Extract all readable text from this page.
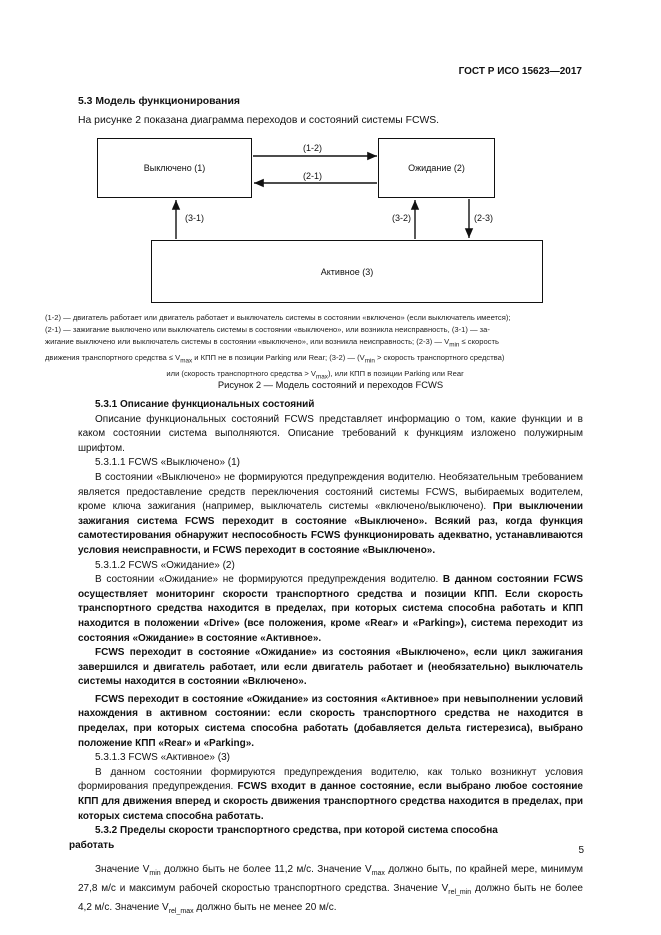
ГОСТ Р ИСО 15623—2017
5.3 Модель функционирования
На рисунке 2 показана диаграмма переходов и состояний системы FCWS.
Выключено (1)	Ожидание (2)
Активное (3)
(1-2)
(2-1)
(3-1)	(3-2)	(2-3)

(1-2) — двигатель работает или двигатель работает и выключатель системы в состоянии «включено» (если выключатель имеется);

(2-1) — зажигание выключено или выключатель системы в состоянии «выключено», или возникла неисправность, (3-1) — за-

жигание выключено или выключатель системы в состоянии «выключено», или возникла неисправность; (2-3) — $V_{min}$ ≤ скорость

движения транспортного средства ≤ $V_{max}$ и КПП не в позиции Parking или Rear; (3-2) — ($V_{min}$ > скорость транспортного средства)

или (скорость транспортного средства > $V_{max}$), или КПП в позиции Parking или Rear

Рисунок 2 — Модель состояний и переходов FCWS

5.3.1 Описание функциональных состояний

Описание функциональных состояний FCWS представляет информацию о том, какие функции и в каком состоянии система выполняются. Описание требований к функциям изложено полужирным шрифтом.

5.3.1.1 FCWS «Выключено» (1)

В состоянии «Выключено» не формируются предупреждения водителю. Необязательным требованием является предоставление средств переключения состояний системы FCWS, выбираемых водителем, кроме ключа зажигания (например, выключатель системы «включено/выключено). При выключении зажигания система FCWS переходит в состояние «Выключено». Всякий раз, когда функция самотестирования обнаружит неспособность FCWS функционировать адекватно, устанавливаются условия неисправности, и FCWS переходит в состояние «Выключено».

5.3.1.2 FCWS «Ожидание» (2)

В состоянии «Ожидание» не формируются предупреждения водителю. В данном состоянии FCWS осуществляет мониторинг скорости транспортного средства и позиции КПП. Если скорость транспортного средства находится в пределах, при которых система способна работать и КПП находится в положении «Drive» (все положения, кроме «Rear» и «Parking»), система переходит из состояния «Ожидание» в состояние «Активное».

FCWS переходит в состояние «Ожидание» из состояния «Выключено», если цикл зажигания завершился и двигатель работает, или если двигатель работает и (необязательно) выключатель системы находится в состоянии «Включено».

FCWS переходит в состояние «Ожидание» из состояния «Активное» при невыполнении условий нахождения в активном состоянии: если скорость транспортного средства не находится в пределах, при которых система способна работать (добавляется дельта гистерезиса), выбрано положение КПП «Rear» и «Parking».

5.3.1.3 FCWS «Активное» (3)

В данном состоянии формируются предупреждения водителю, как только возникнут условия формирования предупреждения. FCWS входит в данное состояние, если выбрано любое состояние КПП для движения вперед и скорость движения транспортного средства находится в пределах, при которых система способна работать.

5.3.2 Пределы скорости транспортного средства, при которой система способна
работать

Значение $V_{min}$ должно быть не более 11,2 м/с. Значение $V_{max}$ должно быть, по крайней мере, минимум 27,8 м/с и максимум рабочей скоростью транспортного средства. Значение $V_{rel\_min}$ должно быть не более 4,2 м/с. Значение $V_{rel\_max}$ должно быть не менее 20 м/с.

5
